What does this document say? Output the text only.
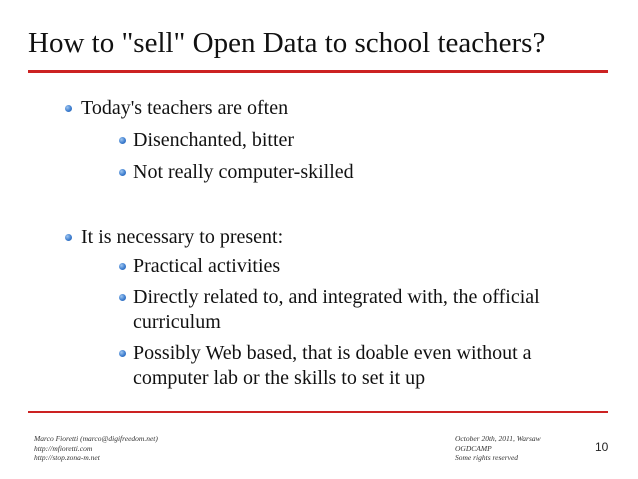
How to "sell" Open Data to school teachers?
Today's teachers are often
Disenchanted, bitter
Not really computer-skilled
It is necessary to present:
Practical activities
Directly related to, and integrated with, the official curriculum
Possibly Web based, that is doable even without a computer lab or the skills to set it up
Marco Fioretti (marco@digifreedom.net)
http://mfioretti.com
http://stop.zona-m.net
October 20th, 2011, Warsaw
OGDCAMP
Some rights reserved
10
